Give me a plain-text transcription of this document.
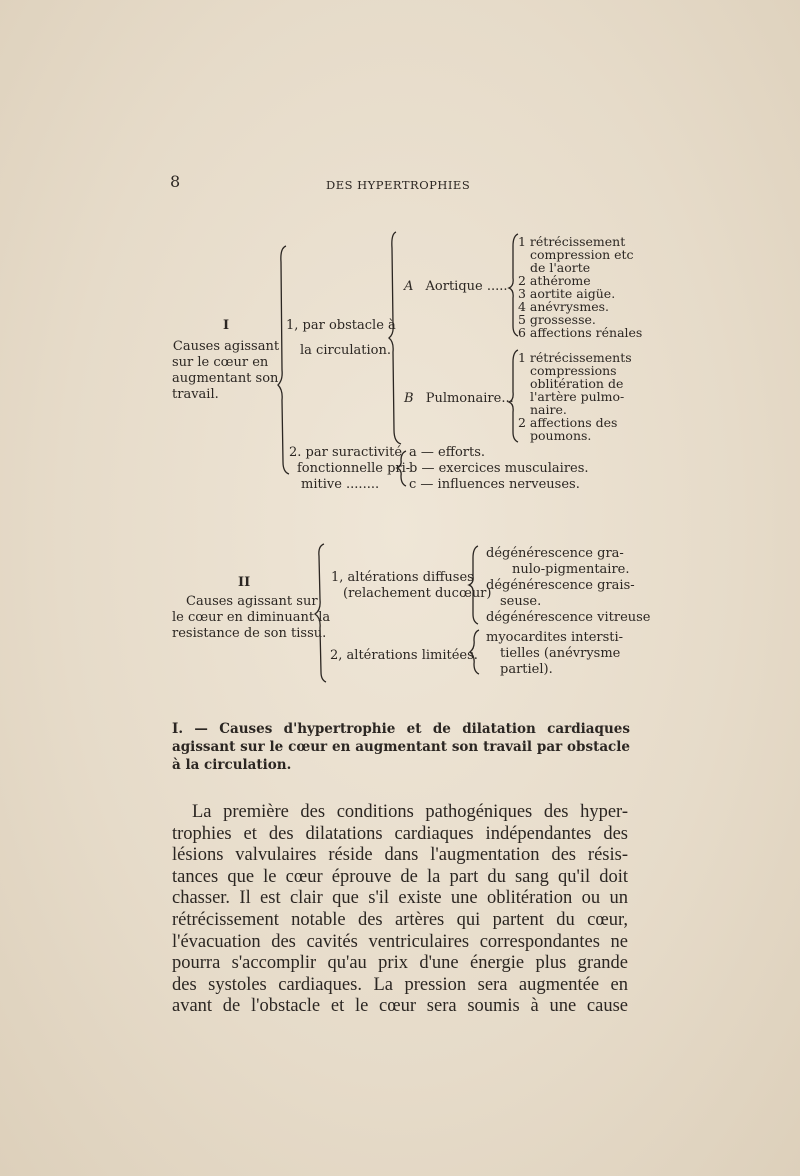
8	DES HYPERTROPHIES
I
Causes agissant
sur le cœur en
augmentant son
travail.
1, par obstacle à
la circulation.
A Aortique .....
1 rétrécissement
compression etc
de l'aorte
2 athérome
3 aortite aigüe.
4 anévrysmes.
5 grossesse.
6 affections rénales
B Pulmonaire...
1 rétrécissements
compressions
oblitération de
l'artère pulmo-
naire.
2 affections des
poumons.
2. par suractivité
fonctionnelle pri-
mitive ........
a — efforts.
b — exercices musculaires.
c — influences nerveuses.
II
Causes agissant sur
le cœur en diminuant la
resistance de son tissu.
1, altérations diffuses
(relachement ducœur)
dégénérescence gra-
nulo-pigmentaire.
dégénérescence grais-
seuse.
dégénérescence vitreuse
2, altérations limitées.
myocardites intersti-
tielles (anévrysme
partiel).
I. — Causes d'hypertrophie et de dilatation cardiaques agissant sur le cœur en augmentant son travail par obstacle à la circulation.
La première des conditions pathogéniques des hyper-
trophies et des dilatations cardiaques indépendantes des
lésions valvulaires réside dans l'augmentation des résis-
tances que le cœur éprouve de la part du sang qu'il doit
chasser. Il est clair que s'il existe une oblitération ou un
rétrécissement notable des artères qui partent du cœur,
l'évacuation des cavités ventriculaires correspondantes ne
pourra s'accomplir qu'au prix d'une énergie plus grande
des systoles cardiaques. La pression sera augmentée en
avant de l'obstacle et le cœur sera soumis à une cause
